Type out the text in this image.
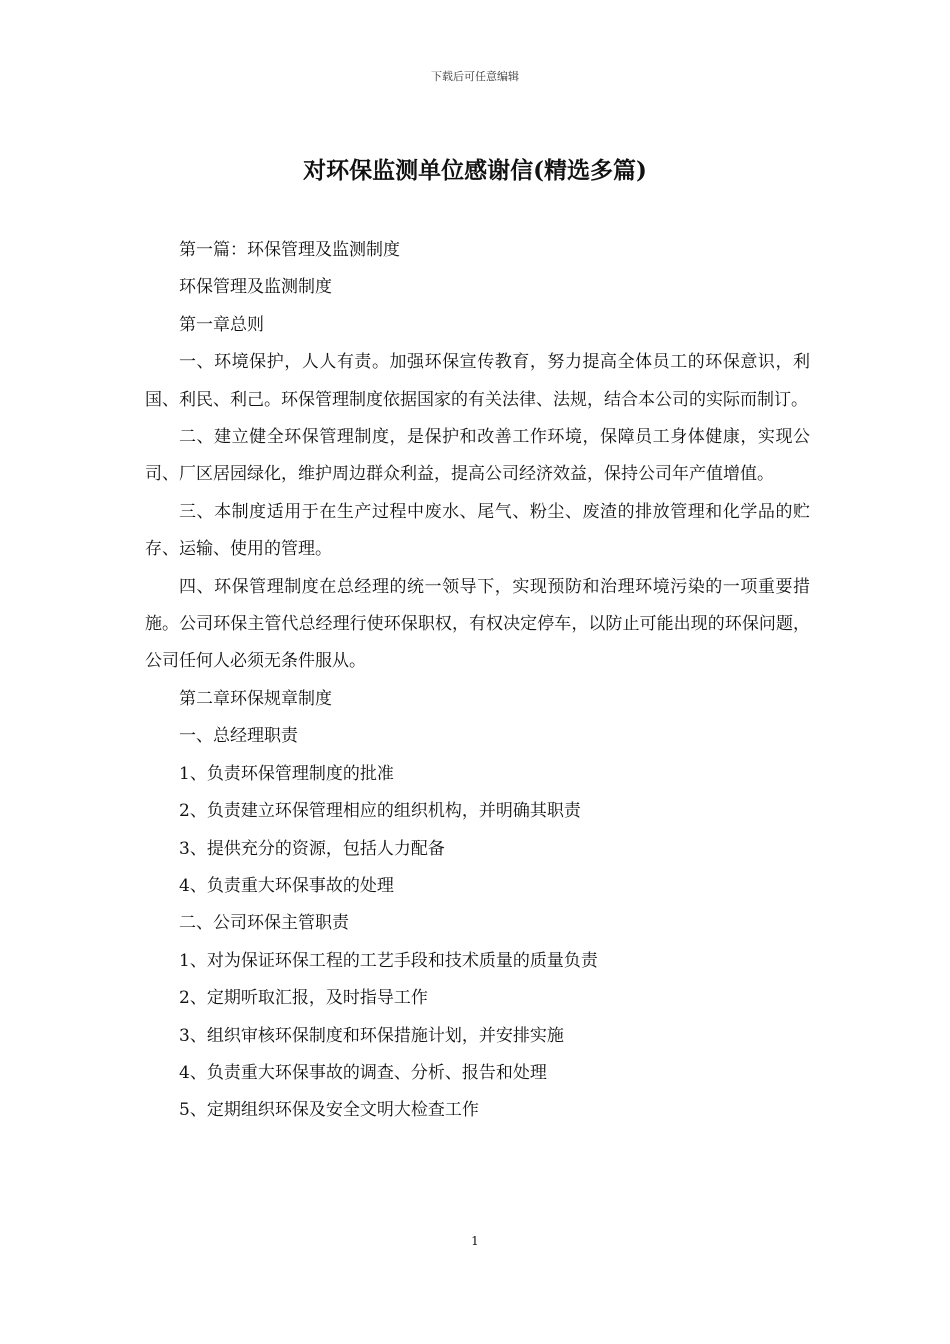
下载后可任意编辑
对环保监测单位感谢信(精选多篇)

第一篇：环保管理及监测制度

环保管理及监测制度

第一章总则

一、环境保护，人人有责。加强环保宣传教育，努力提高全体员工的环保意识，利国、利民、利己。环保管理制度依据国家的有关法律、法规，结合本公司的实际而制订。

二、建立健全环保管理制度，是保护和改善工作环境，保障员工身体健康，实现公司、厂区居园绿化，维护周边群众利益，提高公司经济效益，保持公司年产值增值。

三、本制度适用于在生产过程中废水、尾气、粉尘、废渣的排放管理和化学品的贮存、运输、使用的管理。

四、环保管理制度在总经理的统一领导下，实现预防和治理环境污染的一项重要措施。公司环保主管代总经理行使环保职权，有权决定停车，以防止可能出现的环保问题，公司任何人必须无条件服从。

第二章环保规章制度

一、总经理职责

1、负责环保管理制度的批准

2、负责建立环保管理相应的组织机构，并明确其职责

3、提供充分的资源，包括人力配备

4、负责重大环保事故的处理

二、公司环保主管职责

1、对为保证环保工程的工艺手段和技术质量的质量负责

2、定期听取汇报，及时指导工作

3、组织审核环保制度和环保措施计划，并安排实施

4、负责重大环保事故的调查、分析、报告和处理

5、定期组织环保及安全文明大检查工作

1
